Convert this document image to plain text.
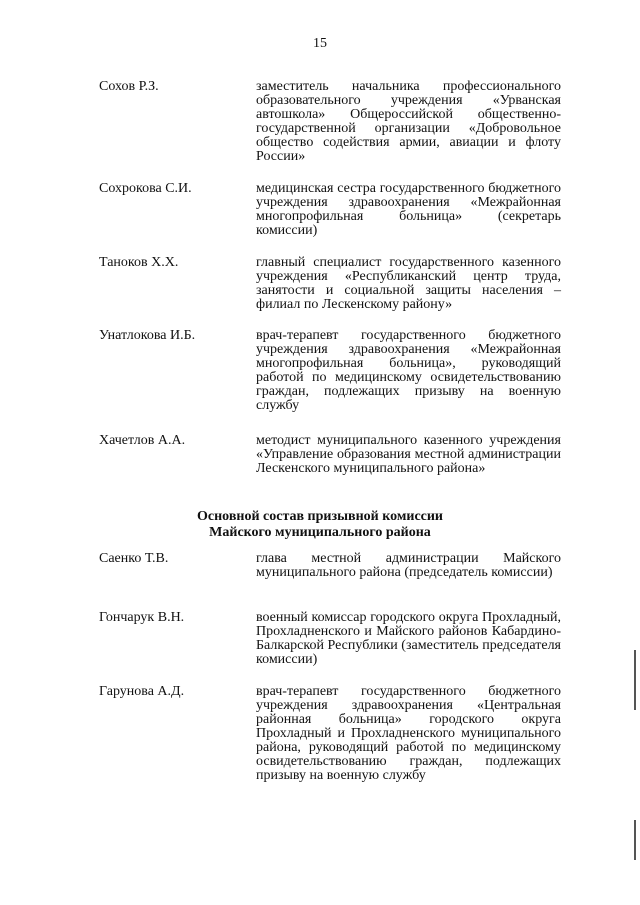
15
Сохов Р.З.	заместитель начальника профессионального образовательного учреждения «Урванская автошкола» Общероссийской общественно-государственной организации «Добровольное общество содействия армии, авиации и флоту России»
Сохрокова С.И.	медицинская сестра государственного бюджетного учреждения здравоохранения «Межрайонная многопрофильная больница» (секретарь комиссии)
Таноков Х.Х.	главный специалист государственного казенного учреждения «Республиканский центр труда, занятости и социальной защиты населения – филиал по Лескенскому району»
Унатлокова И.Б.	врач-терапевт государственного бюджетного учреждения здравоохранения «Межрайонная многопрофильная больница», руководящий работой по медицинскому освидетельствованию граждан, подлежащих призыву на военную службу
Хачетлов А.А.	методист муниципального казенного учреждения «Управление образования местной администрации Лескенского муниципального района»
Основной состав призывной комиссии
Майского муниципального района
Саенко Т.В.	глава местной администрации Майского муниципального района (председатель комиссии)
Гончарук В.Н.	военный комиссар городского округа Прохладный, Прохладненского и Майского районов Кабардино-Балкарской Республики (заместитель председателя комиссии)
Гарунова А.Д.	врач-терапевт государственного бюджетного учреждения здравоохранения «Центральная районная больница» городского округа Прохладный и Прохладненского муниципального района, руководящий работой по медицинскому освидетельствованию граждан, подлежащих призыву на военную службу
